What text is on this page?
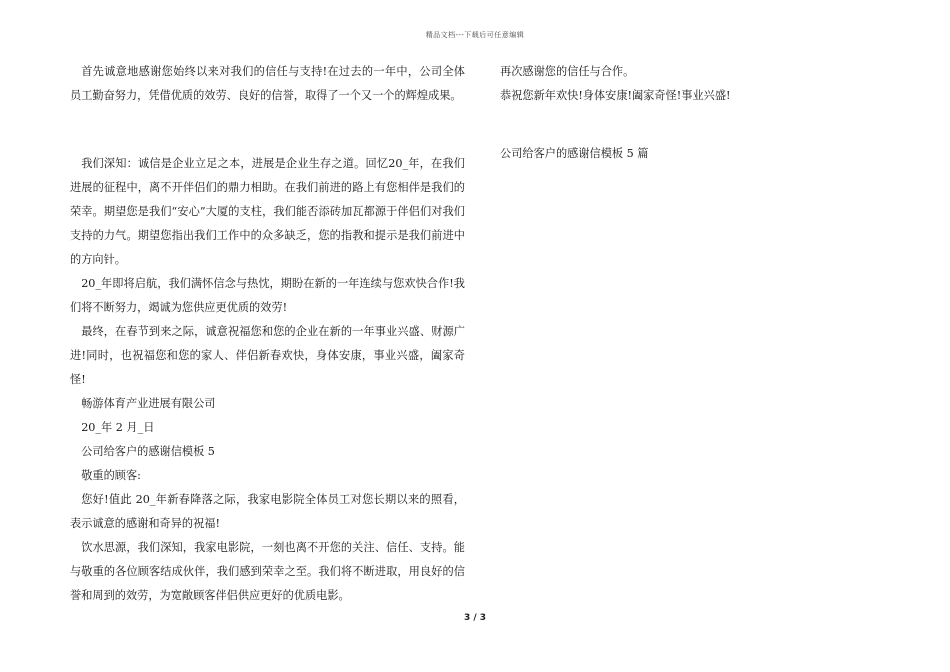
精品文档---下载后可任意编辑

首先诚意地感谢您始终以来对我们的信任与支持!在过去的一年中，公司全体员工勤奋努力，凭借优质的效劳、良好的信誉，取得了一个又一个的辉煌成果。

我们深知：诚信是企业立足之本，进展是企业生存之道。回忆20_年，在我们进展的征程中，离不开伴侣们的鼎力相助。在我们前进的路上有您相伴是我们的荣幸。期望您是我们“安心”大厦的支柱，我们能否添砖加瓦都源于伴侣们对我们支持的力气。期望您指出我们工作中的众多缺乏，您的指教和提示是我们前进中的方向针。

20_年即将启航，我们满怀信念与热忱，期盼在新的一年连续与您欢快合作!我们将不断努力，竭诚为您供应更优质的效劳!

最终，在春节到来之际，诚意祝福您和您的企业在新的一年事业兴盛、财源广进!同时，也祝福您和您的家人、伴侣新春欢快，身体安康，事业兴盛，阖家奇怪!

畅游体育产业进展有限公司

20_年 2 月_日

公司给客户的感谢信模板 5

敬重的顾客:

您好!值此 20_年新春降落之际，我家电影院全体员工对您长期以来的照看，表示诚意的感谢和奇异的祝福!

饮水思源，我们深知，我家电影院，一刻也离不开您的关注、信任、支持。能与敬重的各位顾客结成伙伴，我们感到荣幸之至。我们将不断进取，用良好的信誉和周到的效劳，为宽敞顾客伴侣供应更好的优质电影。

再次感谢您的信任与合作。

恭祝您新年欢快!身体安康!阖家奇怪!事业兴盛!

公司给客户的感谢信模板 5 篇

3 / 3
